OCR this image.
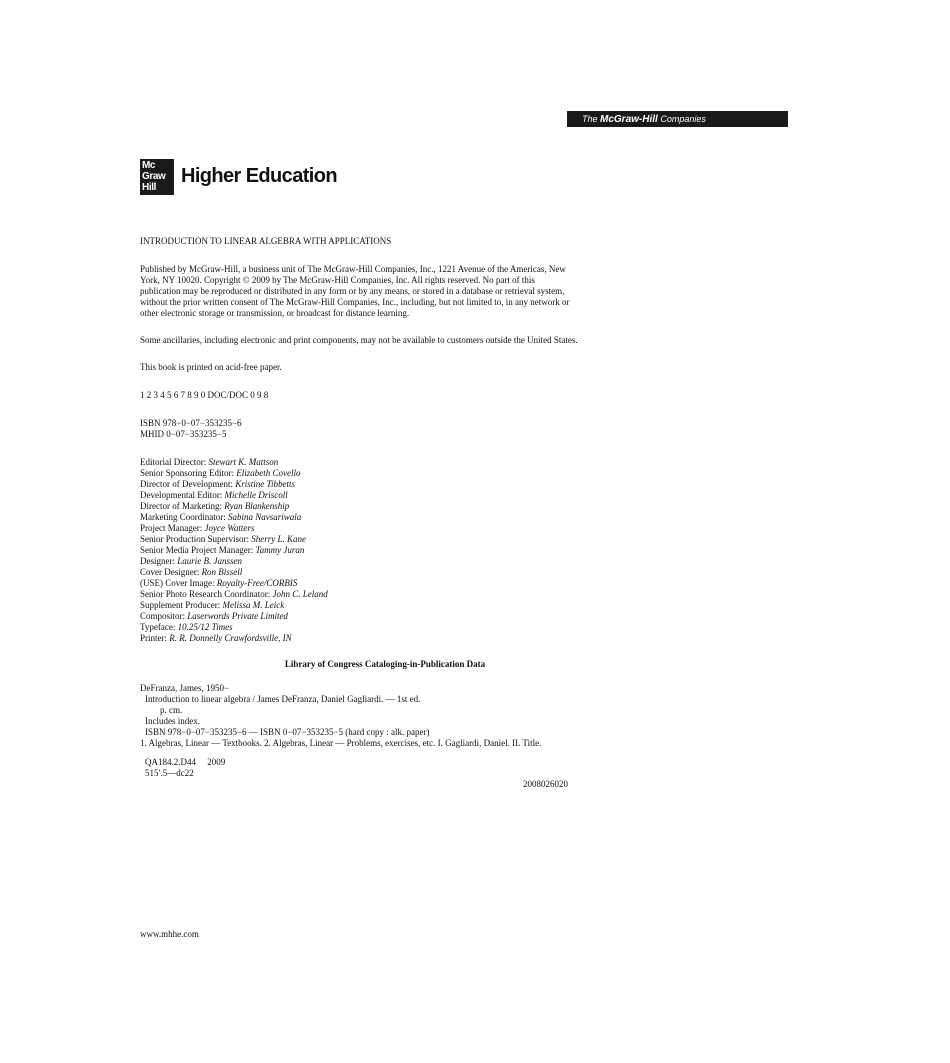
The McGraw-Hill Companies
Mc
Graw
Hill
Higher Education
INTRODUCTION TO LINEAR ALGEBRA WITH APPLICATIONS
Published by McGraw-Hill, a business unit of The McGraw-Hill Companies, Inc., 1221 Avenue of the Americas, New
York, NY 10020. Copyright © 2009 by The McGraw-Hill Companies, Inc. All rights reserved. No part of this
publication may be reproduced or distributed in any form or by any means, or stored in a database or retrieval system,
without the prior written consent of The McGraw-Hill Companies, Inc., including, but not limited to, in any network or
other electronic storage or transmission, or broadcast for distance learning.
Some ancillaries, including electronic and print components, may not be available to customers outside the United States.
This book is printed on acid-free paper.
1 2 3 4 5 6 7 8 9 0 DOC/DOC 0 9 8
ISBN 978−0−07−353235−6
MHID 0−07−353235−5
Editorial Director: Stewart K. Mattson
Senior Sponsoring Editor: Elizabeth Covello
Director of Development: Kristine Tibbetts
Developmental Editor: Michelle Driscoll
Director of Marketing: Ryan Blankenship
Marketing Coordinator: Sabina Navsariwala
Project Manager: Joyce Watters
Senior Production Supervisor: Sherry L. Kane
Senior Media Project Manager: Tammy Juran
Designer: Laurie B. Janssen
Cover Designer: Ron Bissell
(USE) Cover Image: Royalty-Free/CORBIS
Senior Photo Research Coordinator: John C. Leland
Supplement Producer: Melissa M. Leick
Compositor: Laserwords Private Limited
Typeface: 10.25/12 Times
Printer: R. R. Donnelly Crawfordsville, IN
Library of Congress Cataloging-in-Publication Data
DeFranza, James, 1950−
Introduction to linear algebra / James DeFranza, Daniel Gagliardi. — 1st ed.
p. cm.
Includes index.
ISBN 978−0−07−353235−6 — ISBN 0−07−353235−5 (hard copy : alk. paper)
1. Algebras, Linear — Textbooks. 2. Algebras, Linear — Problems, exercises, etc. I. Gagliardi, Daniel. II. Title.
QA184.2.D44     2009
515′.5—dc22
2008026020
www.mhhe.com
